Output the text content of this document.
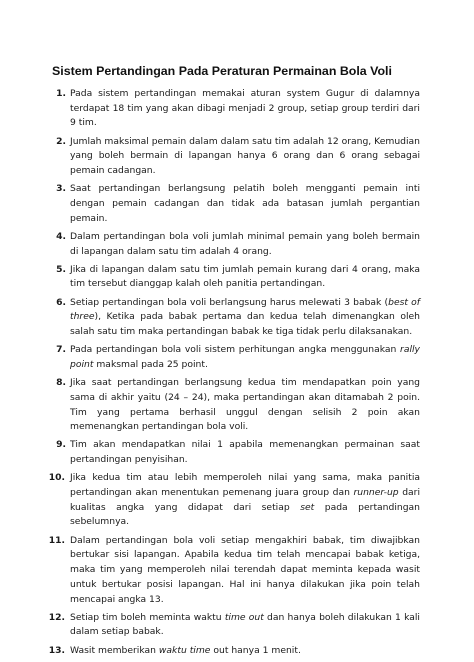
Sistem Pertandingan Pada Peraturan Permainan Bola Voli
1. Pada sistem pertandingan memakai aturan system Gugur di dalamnya terdapat 18 tim yang akan dibagi menjadi 2 group, setiap group terdiri dari 9 tim.
2. Jumlah maksimal pemain dalam dalam satu tim adalah 12 orang, Kemudian yang boleh bermain di lapangan hanya 6 orang dan 6 orang sebagai pemain cadangan.
3. Saat pertandingan berlangsung pelatih boleh mengganti pemain inti dengan pemain cadangan dan tidak ada batasan jumlah pergantian pemain.
4. Dalam pertandingan bola voli jumlah minimal pemain yang boleh bermain di lapangan dalam satu tim adalah 4 orang.
5. Jika di lapangan dalam satu tim jumlah pemain kurang dari 4 orang, maka tim tersebut dianggap kalah oleh panitia pertandingan.
6. Setiap pertandingan bola voli berlangsung harus melewati 3 babak (best of three), Ketika pada babak pertama dan kedua telah dimenangkan oleh salah satu tim maka pertandingan babak ke tiga tidak perlu dilaksanakan.
7. Pada pertandingan bola voli sistem perhitungan angka menggunakan rally point maksmal pada 25 point.
8. Jika saat pertandingan berlangsung kedua tim mendapatkan poin yang sama di akhir yaitu (24 – 24), maka pertandingan akan ditamabah 2 poin. Tim yang pertama berhasil unggul dengan selisih 2 poin akan memenangkan pertandingan bola voli.
9. Tim akan mendapatkan nilai 1 apabila memenangkan permainan saat pertandingan penyisihan.
10. Jika kedua tim atau lebih memperoleh nilai yang sama, maka panitia pertandingan akan menentukan pemenang juara group dan runner-up dari kualitas angka yang didapat dari setiap set pada pertandingan sebelumnya.
11. Dalam pertandingan bola voli setiap mengakhiri babak, tim diwajibkan bertukar sisi lapangan. Apabila kedua tim telah mencapai babak ketiga, maka tim yang memperoleh nilai terendah dapat meminta kepada wasit untuk bertukar posisi lapangan. Hal ini hanya dilakukan jika poin telah mencapai angka 13.
12. Setiap tim boleh meminta waktu time out dan hanya boleh dilakukan 1 kali dalam setiap babak.
13. Wasit memberikan waktu time out hanya 1 menit.
